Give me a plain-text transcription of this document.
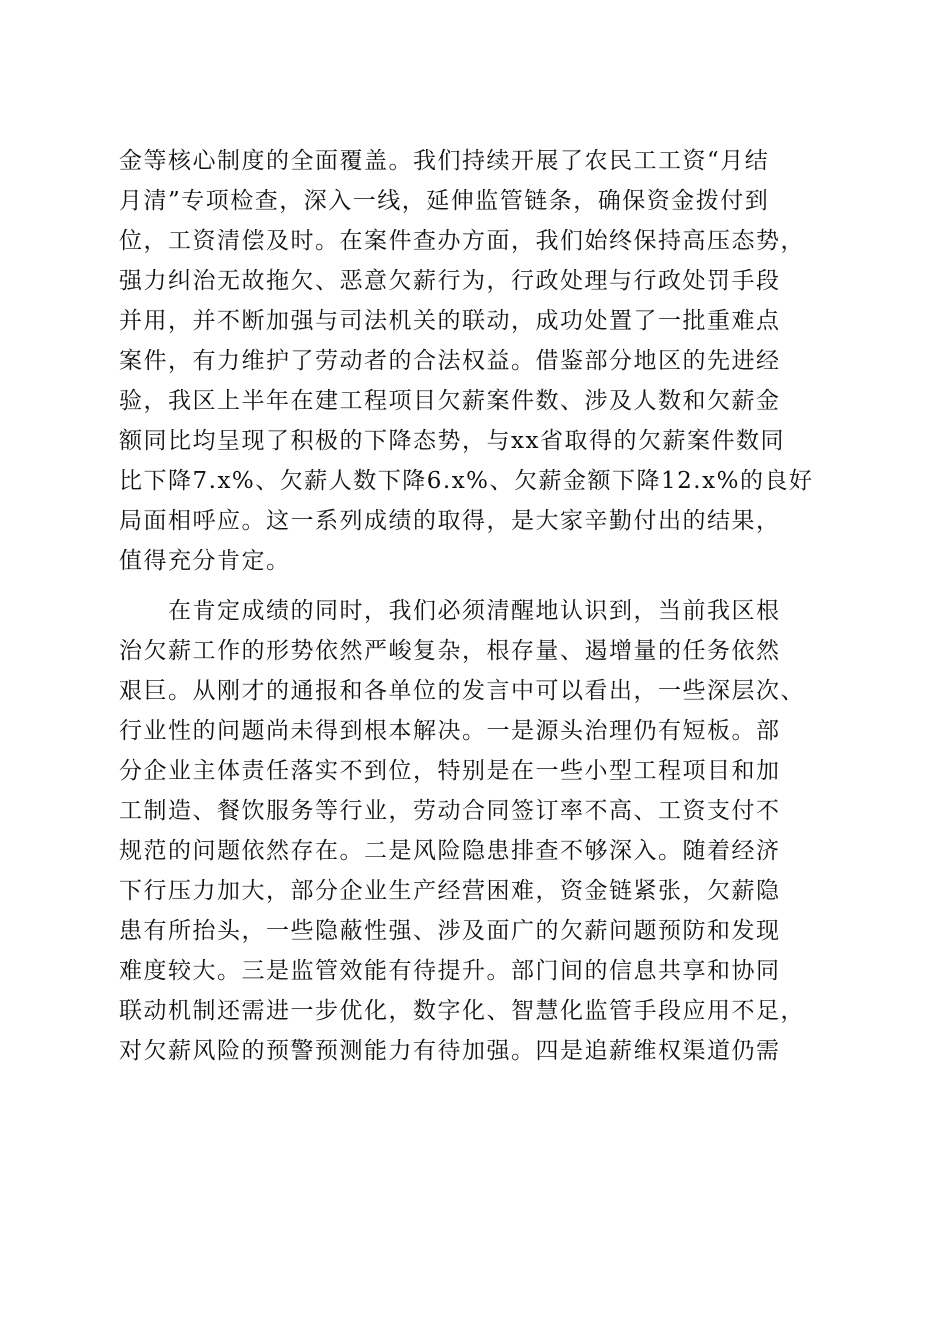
金等核心制度的全面覆盖。我们持续开展了农民工工资“月结
月清”专项检查，深入一线，延伸监管链条，确保资金拨付到
位，工资清偿及时。在案件查办方面，我们始终保持高压态势，
强力纠治无故拖欠、恶意欠薪行为，行政处理与行政处罚手段
并用，并不断加强与司法机关的联动，成功处置了一批重难点
案件，有力维护了劳动者的合法权益。借鉴部分地区的先进经
验，我区上半年在建工程项目欠薪案件数、涉及人数和欠薪金
额同比均呈现了积极的下降态势，与xx省取得的欠薪案件数同
比下降7.x%、欠薪人数下降6.x%、欠薪金额下降12.x%的良好
局面相呼应。这一系列成绩的取得，是大家辛勤付出的结果，
值得充分肯定。
在肯定成绩的同时，我们必须清醒地认识到，当前我区根
治欠薪工作的形势依然严峻复杂，根存量、遏增量的任务依然
艰巨。从刚才的通报和各单位的发言中可以看出，一些深层次、
行业性的问题尚未得到根本解决。一是源头治理仍有短板。部
分企业主体责任落实不到位，特别是在一些小型工程项目和加
工制造、餐饮服务等行业，劳动合同签订率不高、工资支付不
规范的问题依然存在。二是风险隐患排查不够深入。随着经济
下行压力加大，部分企业生产经营困难，资金链紧张，欠薪隐
患有所抬头，一些隐蔽性强、涉及面广的欠薪问题预防和发现
难度较大。三是监管效能有待提升。部门间的信息共享和协同
联动机制还需进一步优化，数字化、智慧化监管手段应用不足，
对欠薪风险的预警预测能力有待加强。四是追薪维权渠道仍需
